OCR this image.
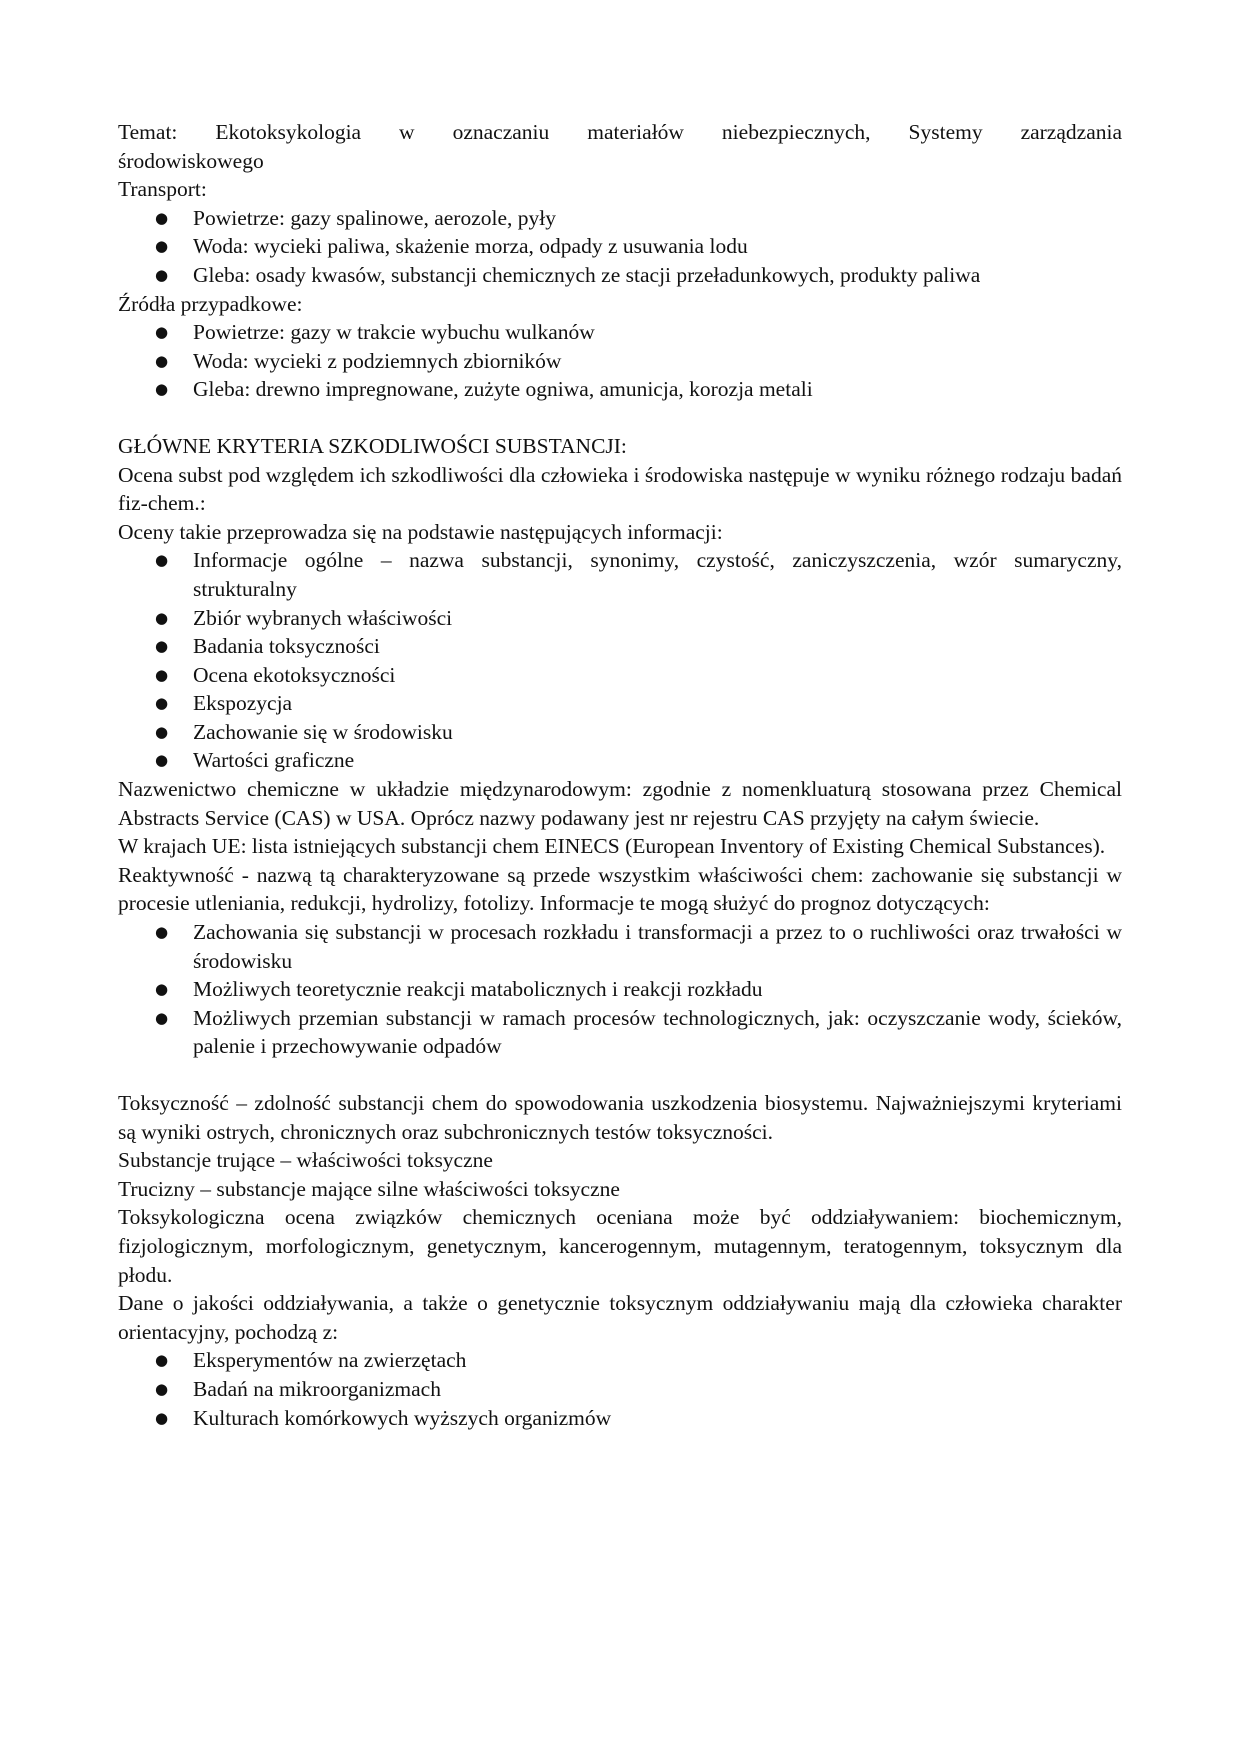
Temat: Ekotoksykologia w oznaczaniu materiałów niebezpiecznych, Systemy zarządzania

środowiskowego

Transport:

● Powietrze: gazy spalinowe, aerozole, pyły
● Woda: wycieki paliwa, skażenie morza, odpady z usuwania lodu
● Gleba: osady kwasów, substancji chemicznych ze stacji przeładunkowych, produkty paliwa

Źródła przypadkowe:

● Powietrze: gazy w trakcie wybuchu wulkanów
● Woda: wycieki z podziemnych zbiorników
● Gleba: drewno impregnowane, zużyte ogniwa, amunicja, korozja metali

GŁÓWNE KRYTERIA SZKODLIWOŚCI SUBSTANCJI:

Ocena subst pod względem ich szkodliwości dla człowieka i środowiska następuje w wyniku różnego rodzaju badań fiz-chem.:

Oceny takie przeprowadza się na podstawie następujących informacji:

● Informacje ogólne – nazwa substancji, synonimy, czystość, zaniczyszczenia, wzór sumaryczny, strukturalny
● Zbiór wybranych właściwości
● Badania toksyczności
● Ocena ekotoksyczności
● Ekspozycja
● Zachowanie się w środowisku
● Wartości graficzne

Nazwenictwo chemiczne w układzie międzynarodowym: zgodnie z nomenkluaturą stosowana przez Chemical Abstracts Service (CAS) w USA. Oprócz nazwy podawany jest nr rejestru CAS przyjęty na całym świecie.

W krajach UE: lista istniejących substancji chem EINECS (European Inventory of Existing Chemical Substances).

Reaktywność - nazwą tą charakteryzowane są przede wszystkim właściwości chem: zachowanie się substancji w procesie utleniania, redukcji, hydrolizy, fotolizy. Informacje te mogą służyć do prognoz dotyczących:

● Zachowania się substancji w procesach rozkładu i transformacji a przez to o ruchliwości oraz trwałości w środowisku
● Możliwych teoretycznie reakcji matabolicznych i reakcji rozkładu
● Możliwych przemian substancji w ramach procesów technologicznych, jak: oczyszczanie wody, ścieków, palenie i przechowywanie odpadów

Toksyczność – zdolność substancji chem do spowodowania uszkodzenia biosystemu. Najważniejszymi kryteriami są wyniki ostrych, chronicznych oraz subchronicznych testów toksyczności.

Substancje trujące – właściwości toksyczne

Trucizny – substancje mające silne właściwości toksyczne

Toksykologiczna ocena związków chemicznych oceniana może być oddziaływaniem: biochemicznym, fizjologicznym, morfologicznym, genetycznym, kancerogennym, mutagennym, teratogennym, toksycznym dla płodu.

Dane o jakości oddziaływania, a także o genetycznie toksycznym oddziaływaniu mają dla człowieka charakter orientacyjny, pochodzą z:

● Eksperymentów na zwierzętach
● Badań na mikroorganizmach
● Kulturach komórkowych wyższych organizmów
